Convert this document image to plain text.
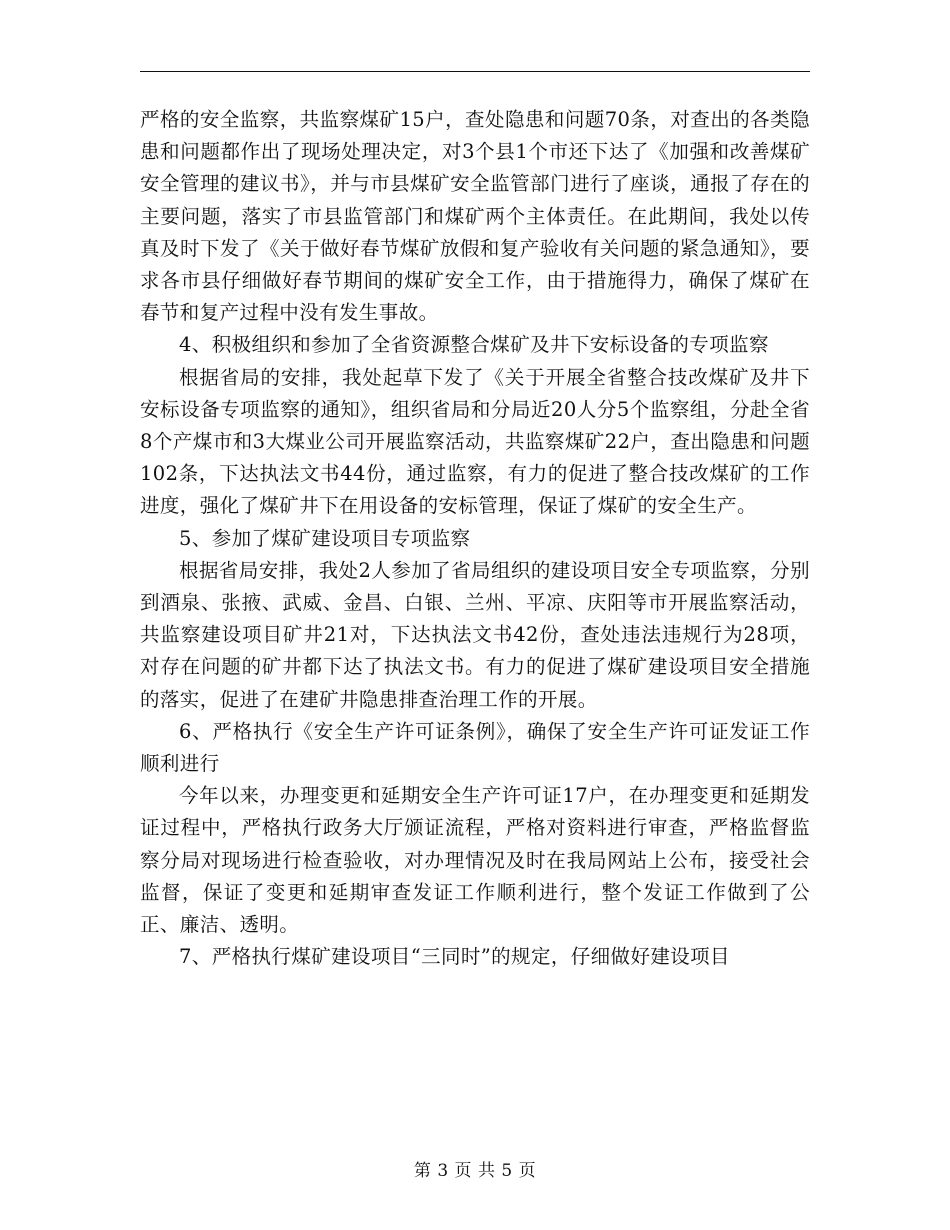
严格的安全监察，共监察煤矿15户，查处隐患和问题70条，对查出的各类隐患和问题都作出了现场处理决定，对3个县1个市还下达了《加强和改善煤矿安全管理的建议书》，并与市县煤矿安全监管部门进行了座谈，通报了存在的主要问题，落实了市县监管部门和煤矿两个主体责任。在此期间，我处以传真及时下发了《关于做好春节煤矿放假和复产验收有关问题的紧急通知》，要求各市县仔细做好春节期间的煤矿安全工作，由于措施得力，确保了煤矿在春节和复产过程中没有发生事故。

4、积极组织和参加了全省资源整合煤矿及井下安标设备的专项监察

根据省局的安排，我处起草下发了《关于开展全省整合技改煤矿及井下安标设备专项监察的通知》，组织省局和分局近20人分5个监察组，分赴全省8个产煤市和3大煤业公司开展监察活动，共监察煤矿22户，查出隐患和问题102条，下达执法文书44份，通过监察，有力的促进了整合技改煤矿的工作进度，强化了煤矿井下在用设备的安标管理，保证了煤矿的安全生产。

5、参加了煤矿建设项目专项监察

根据省局安排，我处2人参加了省局组织的建设项目安全专项监察，分别到酒泉、张掖、武威、金昌、白银、兰州、平凉、庆阳等市开展监察活动，共监察建设项目矿井21对，下达执法文书42份，查处违法违规行为28项，对存在问题的矿井都下达了执法文书。有力的促进了煤矿建设项目安全措施的落实，促进了在建矿井隐患排查治理工作的开展。

6、严格执行《安全生产许可证条例》，确保了安全生产许可证发证工作顺利进行

今年以来，办理变更和延期安全生产许可证17户，在办理变更和延期发证过程中，严格执行政务大厅颁证流程，严格对资料进行审查，严格监督监察分局对现场进行检查验收，对办理情况及时在我局网站上公布，接受社会监督，保证了变更和延期审查发证工作顺利进行，整个发证工作做到了公正、廉洁、透明。

7、严格执行煤矿建设项目“三同时”的规定，仔细做好建设项目

第 3 页 共 5 页
